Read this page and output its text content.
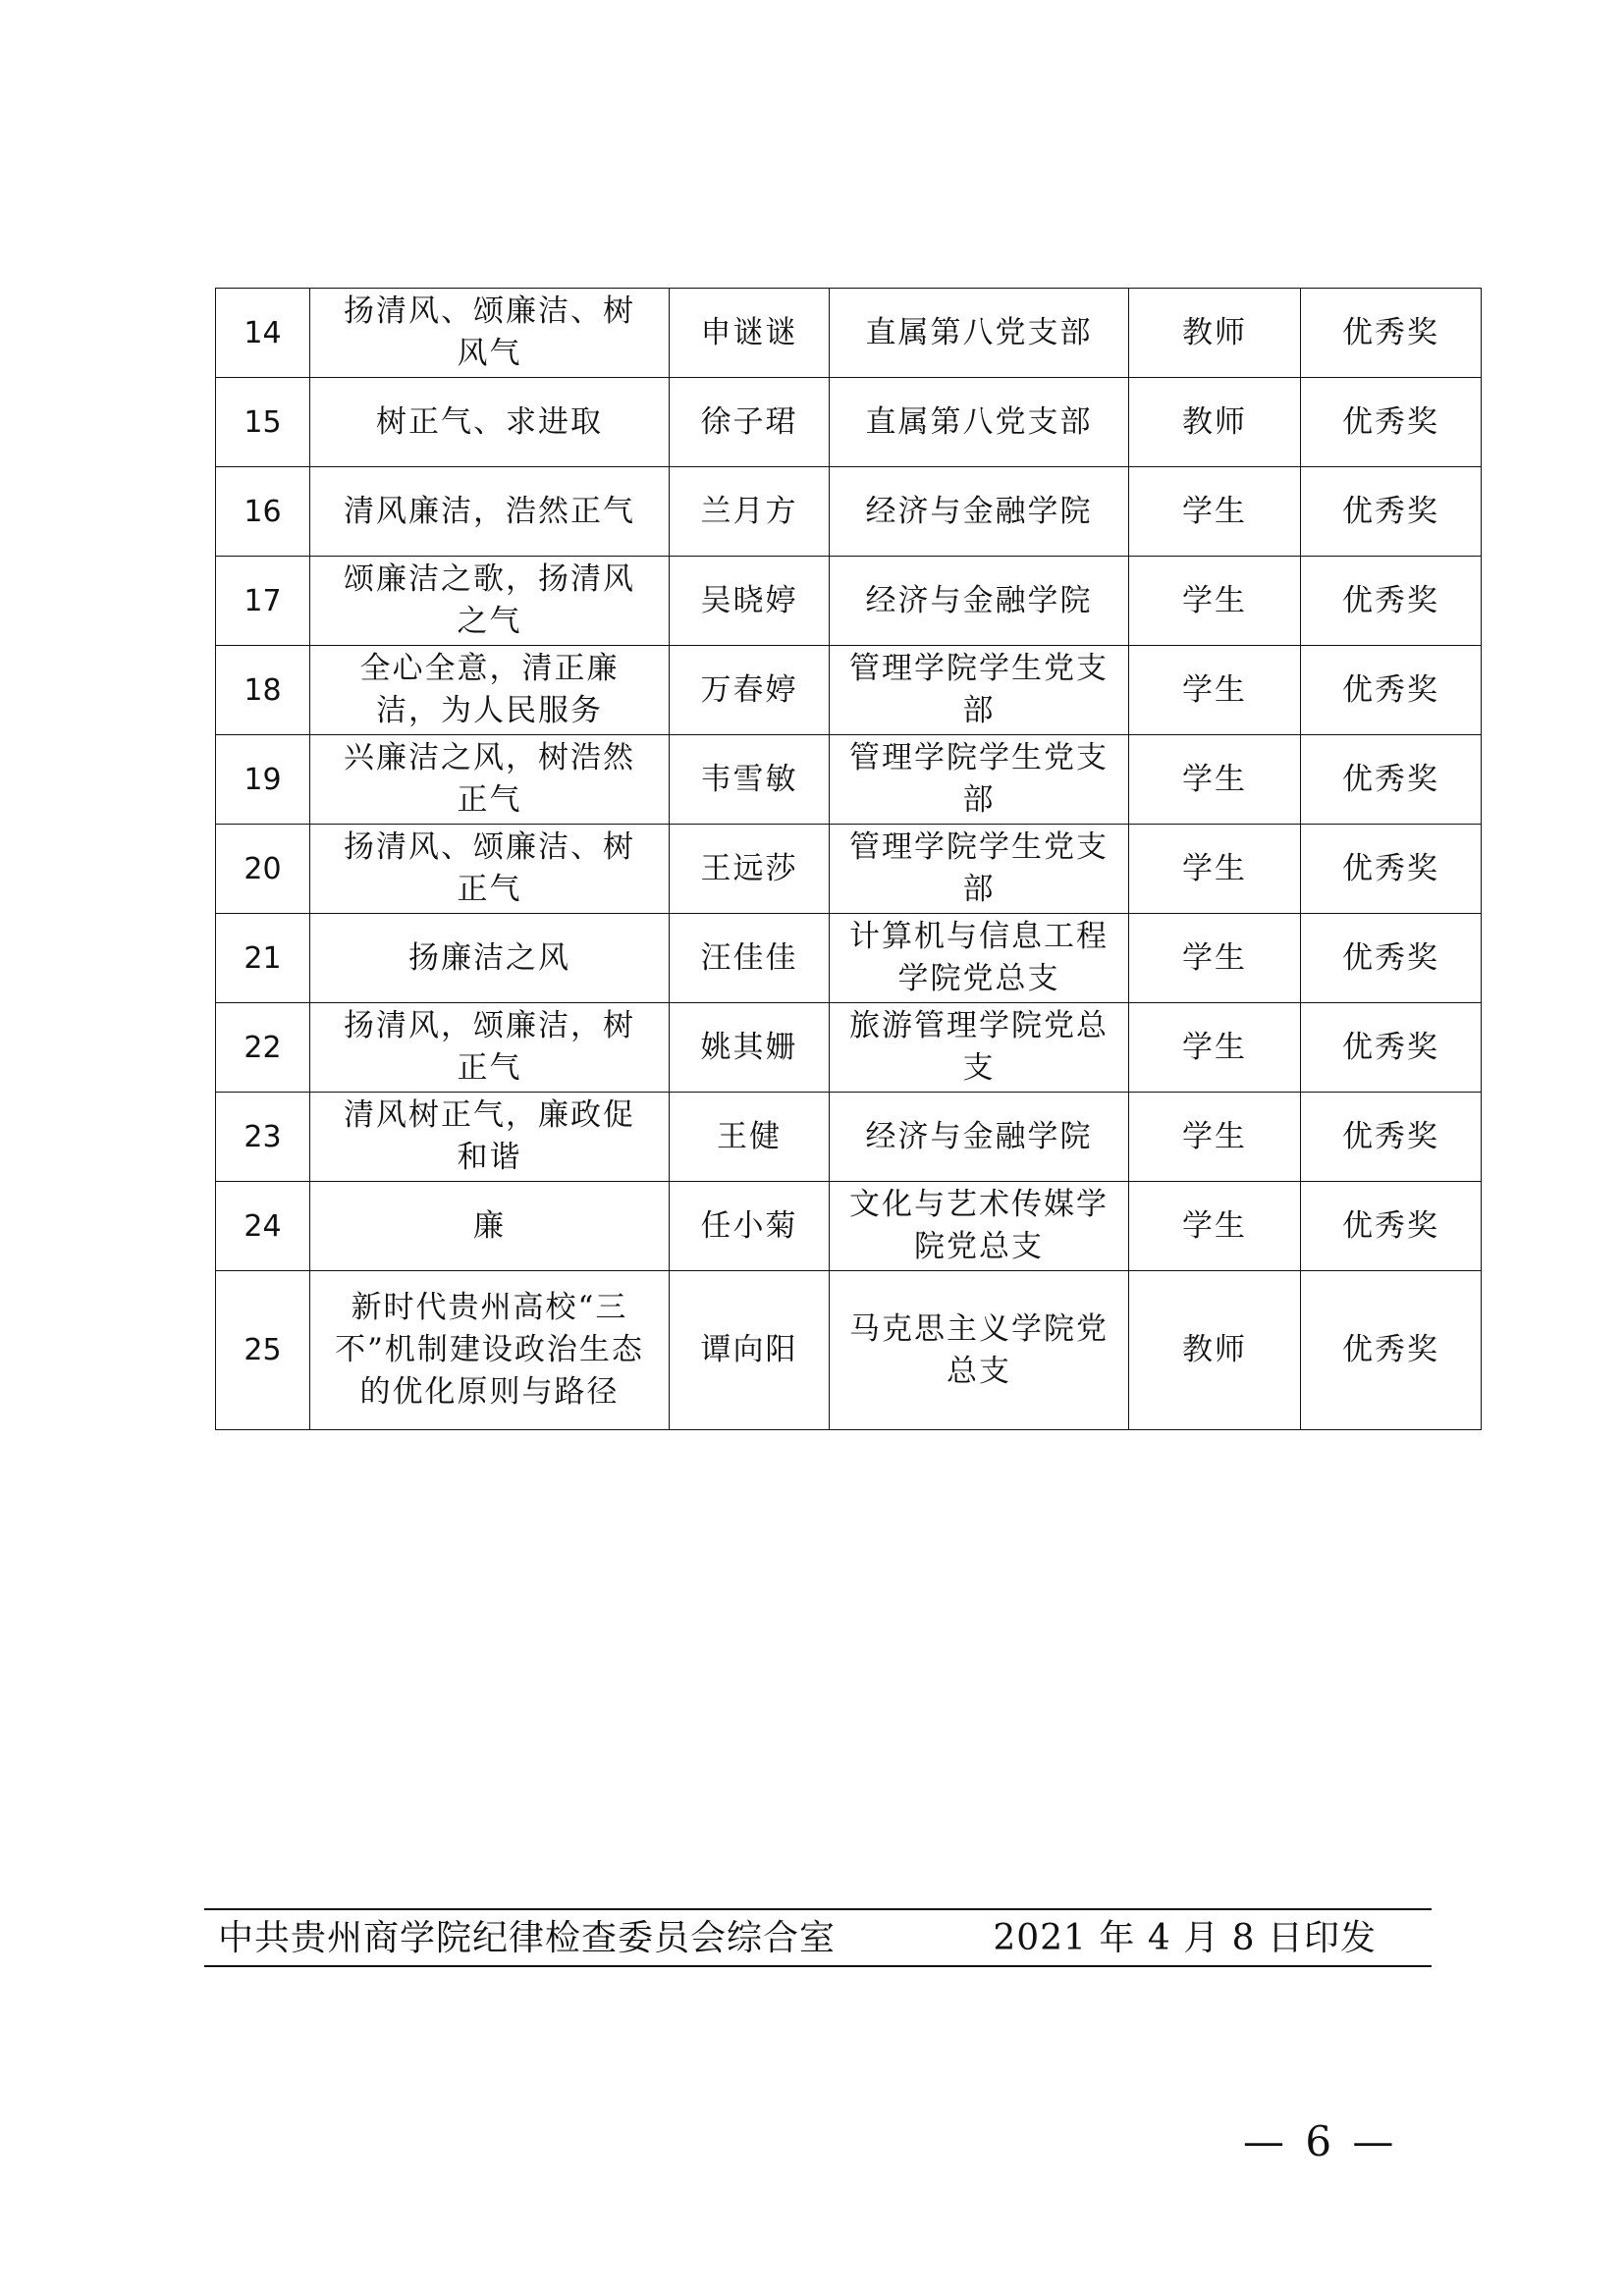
14	扬清风、颂廉洁、树风气	申谜谜	直属第八党支部	教师	优秀奖
15	树正气、求进取	徐子珺	直属第八党支部	教师	优秀奖
16	清风廉洁，浩然正气	兰月方	经济与金融学院	学生	优秀奖
17	颂廉洁之歌，扬清风之气	吴晓婷	经济与金融学院	学生	优秀奖
18	全心全意，清正廉洁，为人民服务	万春婷	管理学院学生党支部	学生	优秀奖
19	兴廉洁之风，树浩然正气	韦雪敏	管理学院学生党支部	学生	优秀奖
20	扬清风、颂廉洁、树正气	王远莎	管理学院学生党支部	学生	优秀奖
21	扬廉洁之风	汪佳佳	计算机与信息工程学院党总支	学生	优秀奖
22	扬清风，颂廉洁，树正气	姚其姗	旅游管理学院党总支	学生	优秀奖
23	清风树正气，廉政促和谐	王健	经济与金融学院	学生	优秀奖
24	廉	任小菊	文化与艺术传媒学院党总支	学生	优秀奖
25	新时代贵州高校“三不”机制建设政治生态的优化原则与路径	谭向阳	马克思主义学院党总支	教师	优秀奖
中共贵州商学院纪律检查委员会综合室	2021 年 4 月 8 日印发
— 6 —
